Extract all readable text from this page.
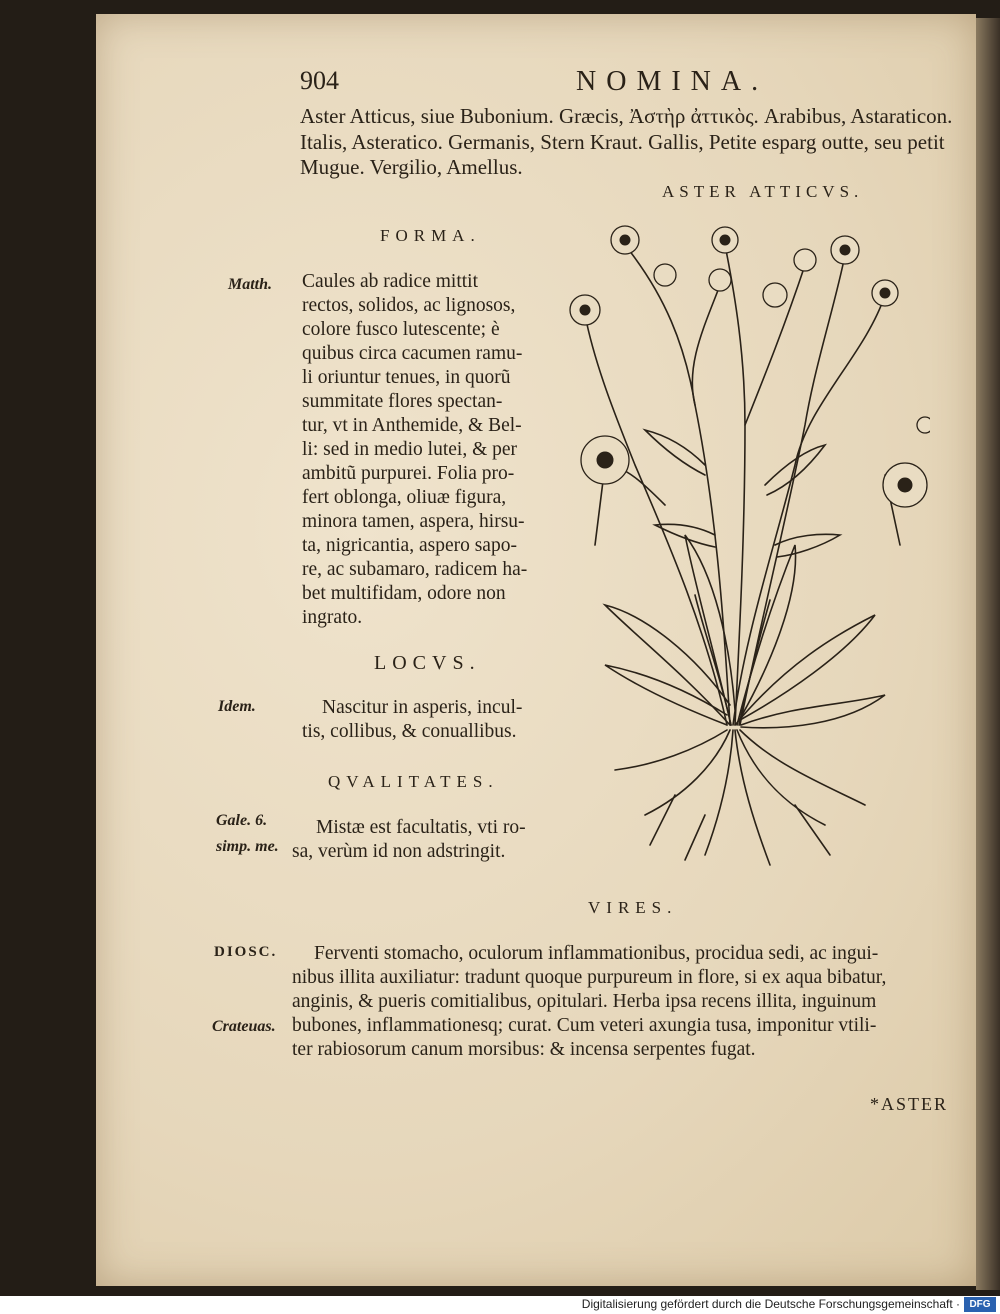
904	NOMINA.
Aster Atticus, siue Bubonium. Græcis, Ἀστὴρ ἀττικὸς. Arabibus, Astaraticon.
Italis, Asteratico. Germanis, Stern Kraut. Gallis, Petite esparg outte, seu petit
Mugue. Vergilio, Amellus.
ASTER ATTICVS.
FORMA.
Matth. Caules ab radice mittit
rectos, solidos, ac lignosos,
colore fusco lutescente; è
quibus circa cacumen ramu-
li oriuntur tenues, in quorũ
summitate flores spectan-
tur, vt in Anthemide, & Bel-
li: sed in medio lutei, & per
ambitũ purpurei. Folia pro-
fert oblonga, oliuæ figura,
minora tamen, aspera, hirsu-
ta, nigricantia, aspero sapo-
re, ac subamaro, radicem ha-
bet multifidam, odore non
ingrato.
LOCVS.
Idem.	Nascitur in asperis, incul-
tis, collibus, & conuallibus.
QVALITATES.
Gale. 6.
simp. me.
Mistæ est facultatis, vti ro-
sa, verùm id non adstringit.
VIRES.
DIOSC.
Crateuas.
Ferventi stomacho, oculorum inflammationibus, procidua sedi, ac ingui-
nibus illita auxiliatur: tradunt quoque purpureum in flore, si ex aqua bibatur,
anginis, & pueris comitialibus, opitulari. Herba ipsa recens illita, inguinum
bubones, inflammationesq; curat. Cum veteri axungia tusa, imponitur vtili-
ter rabiosorum canum morsibus: & incensa serpentes fugat.
*ASTER
Digitalisierung gefördert durch die Deutsche Forschungsgemeinschaft · DFG
